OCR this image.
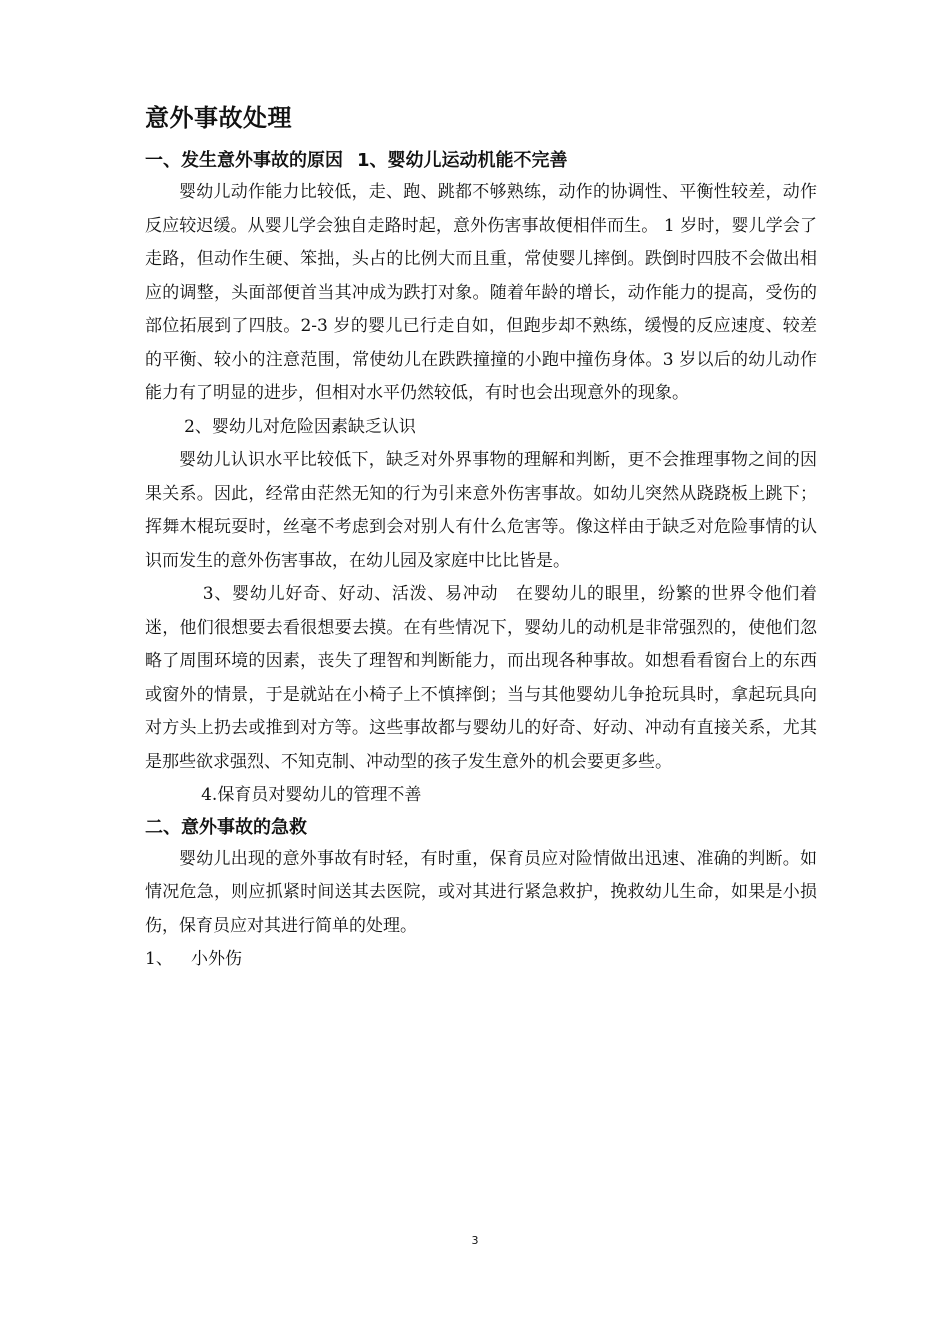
意外事故处理
一、发生意外事故的原因 1、婴幼儿运动机能不完善

婴幼儿动作能力比较低，走、跑、跳都不够熟练，动作的协调性、平衡性较差，动作反应较迟缓。从婴儿学会独自走路时起，意外伤害事故便相伴而生。 1 岁时，婴儿学会了走路，但动作生硬、笨拙，头占的比例大而且重，常使婴儿摔倒。跌倒时四肢不会做出相应的调整，头面部便首当其冲成为跌打对象。随着年龄的增长，动作能力的提高，受伤的部位拓展到了四肢。2-3 岁的婴儿已行走自如，但跑步却不熟练，缓慢的反应速度、较差的平衡、较小的注意范围，常使幼儿在跌跌撞撞的小跑中撞伤身体。3 岁以后的幼儿动作能力有了明显的进步，但相对水平仍然较低，有时也会出现意外的现象。

2、婴幼儿对危险因素缺乏认识

婴幼儿认识水平比较低下，缺乏对外界事物的理解和判断，更不会推理事物之间的因果关系。因此，经常由茫然无知的行为引来意外伤害事故。如幼儿突然从跷跷板上跳下；挥舞木棍玩耍时，丝毫不考虑到会对别人有什么危害等。像这样由于缺乏对危险事情的认识而发生的意外伤害事故，在幼儿园及家庭中比比皆是。

3、婴幼儿好奇、好动、活泼、易冲动　在婴幼儿的眼里，纷繁的世界令他们着迷，他们很想要去看很想要去摸。在有些情况下，婴幼儿的动机是非常强烈的，使他们忽略了周围环境的因素，丧失了理智和判断能力，而出现各种事故。如想看看窗台上的东西或窗外的情景，于是就站在小椅子上不慎摔倒；当与其他婴幼儿争抢玩具时，拿起玩具向对方头上扔去或推到对方等。这些事故都与婴幼儿的好奇、好动、冲动有直接关系，尤其是那些欲求强烈、不知克制、冲动型的孩子发生意外的机会要更多些。

4.保育员对婴幼儿的管理不善

二、意外事故的急救

婴幼儿出现的意外事故有时轻，有时重，保育员应对险情做出迅速、准确的判断。如情况危急，则应抓紧时间送其去医院，或对其进行紧急救护，挽救幼儿生命，如果是小损伤，保育员应对其进行简单的处理。

1、 小外伤
3
